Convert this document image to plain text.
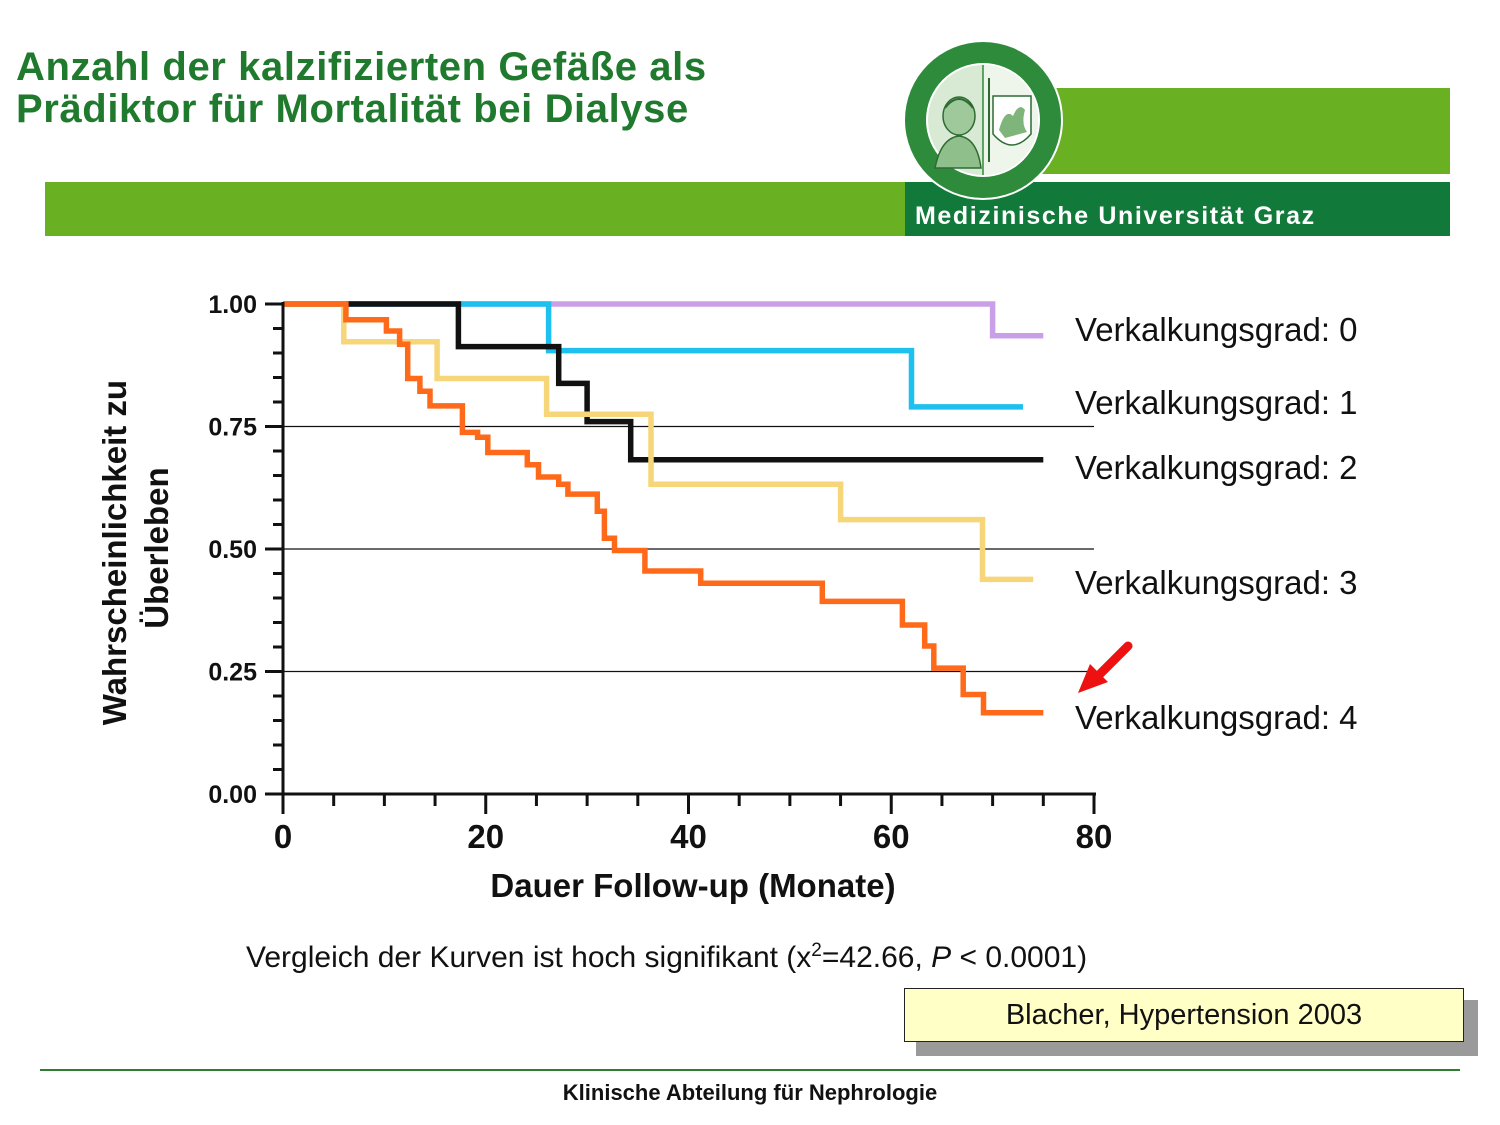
Anzahl der kalzifizierten Gefäße als
Prädiktor für Mortalität bei Dialyse
Medizinische Universität Graz
SALUS ÆGROTI SUPREMA LEX · MEDIZINISCHE UNIVERSITÄT GRAZ
0.00
0.25
0.50
0.75
1.00
0	20	40	60	80
Verkalkungsgrad: 0
Verkalkungsgrad: 1
Verkalkungsgrad: 2
Verkalkungsgrad: 3
Verkalkungsgrad: 4
Dauer Follow-up (Monate)
Wahrscheinlichkeit zu Überleben
Vergleich der Kurven ist hoch signifikant ($x^2=42.66$, P < 0.0001)
Blacher, Hypertension 2003
Klinische Abteilung für Nephrologie
